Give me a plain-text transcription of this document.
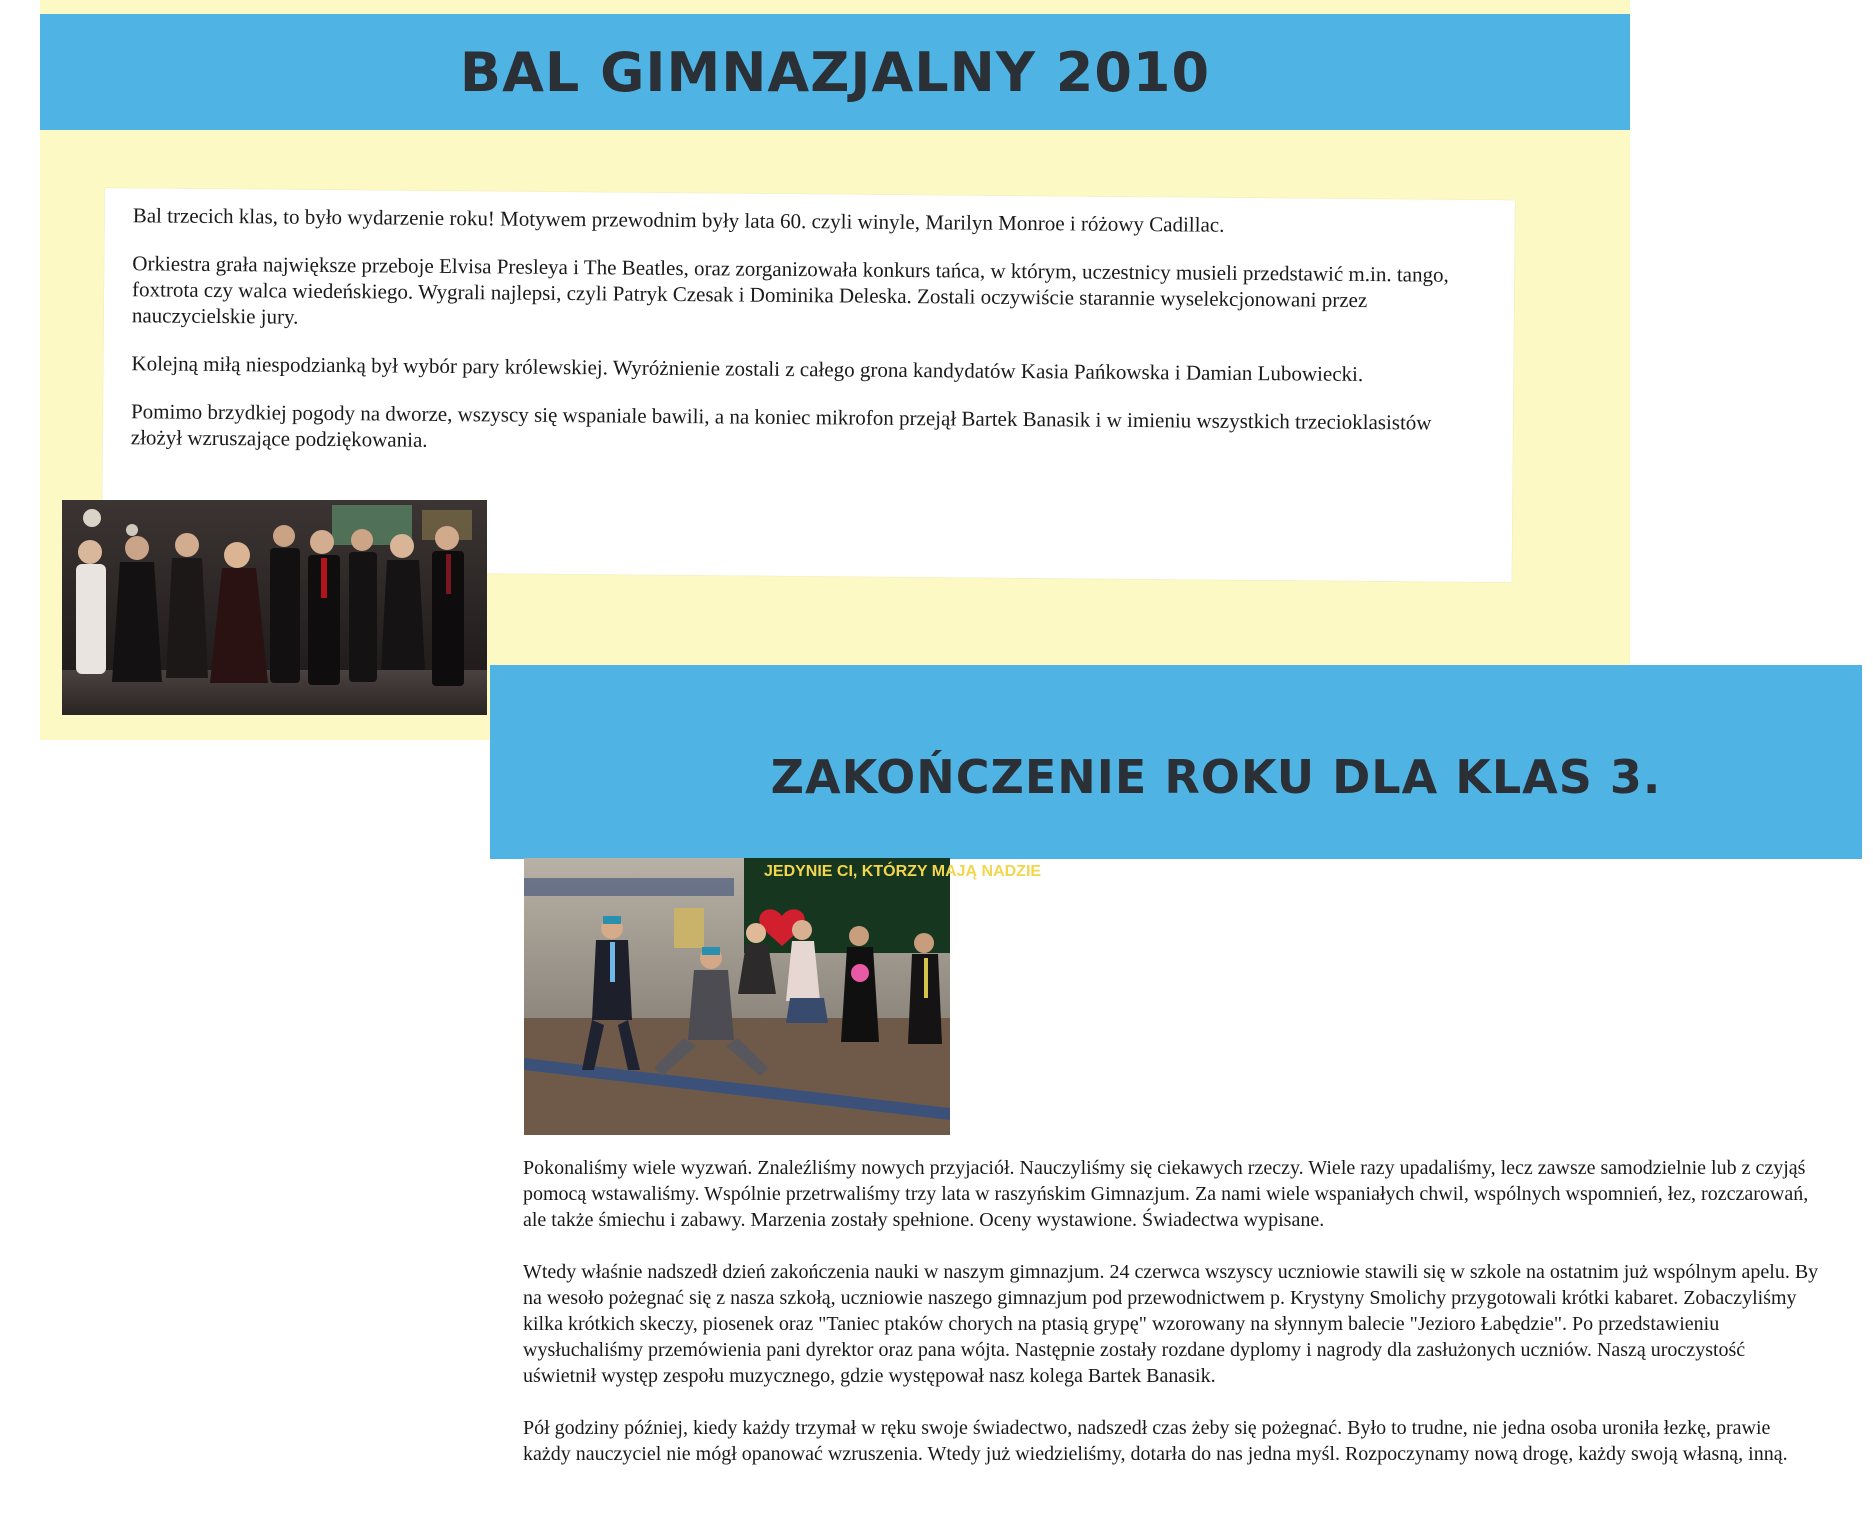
BAL GIMNAZJALNY 2010

Bal trzecich klas, to było wydarzenie roku! Motywem przewodnim były lata 60. czyli winyle, Marilyn Monroe i różowy Cadillac.

Orkiestra grała największe przeboje Elvisa Presleya i The Beatles, oraz zorganizowała konkurs tańca, w którym, uczestnicy musieli przedstawić m.in. tango, foxtrota czy walca wiedeńskiego. Wygrali najlepsi, czyli Patryk Czesak i Dominika Deleska. Zostali oczywiście starannie wyselekcjonowani przez nauczycielskie jury.

Kolejną miłą niespodzianką był wybór pary królewskiej. Wyróżnienie zostali z całego grona kandydatów Kasia Pańkowska i Damian Lubowiecki.

Pomimo brzydkiej pogody na dworze, wszyscy się wspaniale bawili, a na koniec mikrofon przejął Bartek Banasik i w imieniu wszystkich trzecioklasistów złożył wzruszające podziękowania.

ZAKOŃCZENIE ROKU DLA KLAS 3.
JEDYNIE CI, KTÓRZY MAJĄ NADZIE

Pokonaliśmy wiele wyzwań. Znaleźliśmy nowych przyjaciół. Nauczyliśmy się ciekawych rzeczy. Wiele razy upadaliśmy, lecz zawsze samodzielnie lub z czyjąś pomocą wstawaliśmy. Wspólnie przetrwaliśmy trzy lata w raszyńskim Gimnazjum. Za nami wiele wspaniałych chwil, wspólnych wspomnień, łez, rozczarowań, ale także śmiechu i zabawy. Marzenia zostały spełnione. Oceny wystawione. Świadectwa wypisane.

Wtedy właśnie nadszedł dzień zakończenia nauki w naszym gimnazjum. 24 czerwca wszyscy uczniowie stawili się w szkole na ostatnim już wspólnym apelu. By na wesoło pożegnać się z nasza szkołą, uczniowie naszego gimnazjum pod przewodnictwem p. Krystyny Smolichy przygotowali krótki kabaret. Zobaczyliśmy kilka krótkich skeczy, piosenek oraz "Taniec ptaków chorych na ptasią grypę" wzorowany na słynnym balecie "Jezioro Łabędzie". Po przedstawieniu wysłuchaliśmy przemówienia pani dyrektor oraz pana wójta. Następnie zostały rozdane dyplomy i nagrody dla zasłużonych uczniów. Naszą uroczystość uświetnił występ zespołu muzycznego, gdzie występował nasz kolega Bartek Banasik.

Pół godziny później, kiedy każdy trzymał w ręku swoje świadectwo, nadszedł czas żeby się pożegnać. Było to trudne, nie jedna osoba uroniła łezkę, prawie każdy nauczyciel nie mógł opanować wzruszenia. Wtedy już wiedzieliśmy, dotarła do nas jedna myśl. Rozpoczynamy nową drogę, każdy swoją własną, inną.
